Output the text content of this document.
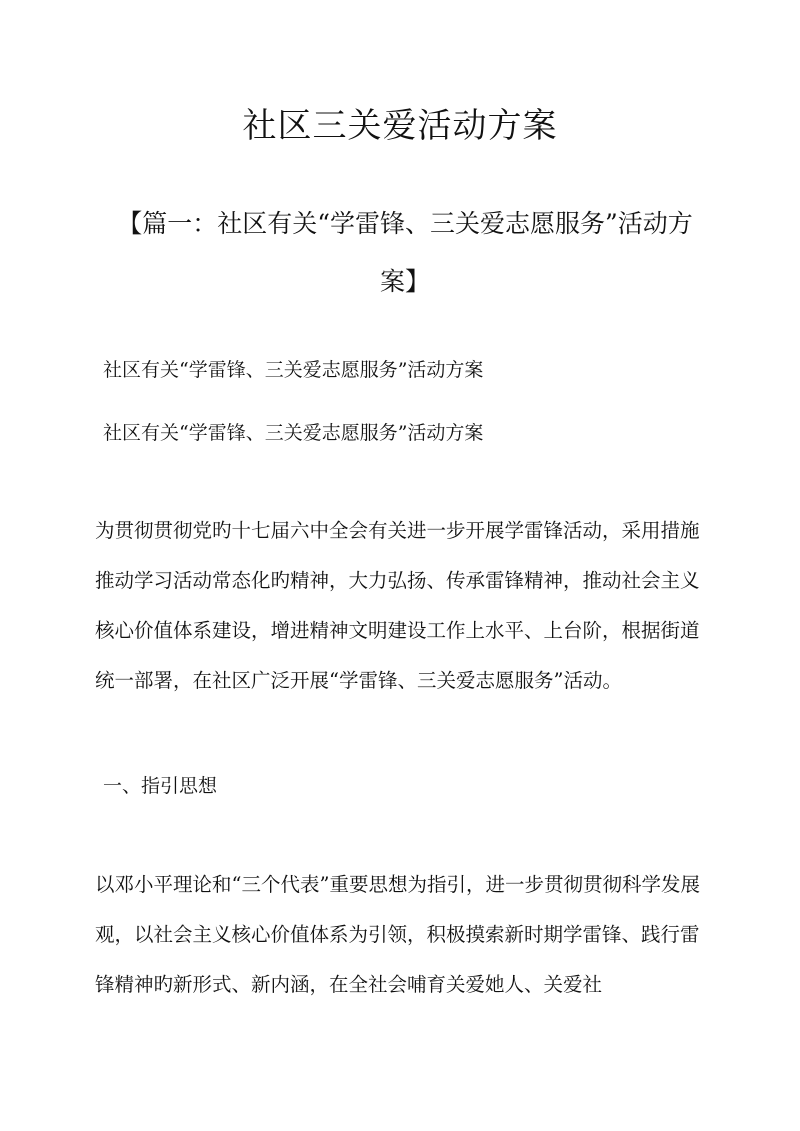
社区三关爱活动方案

【篇一：社区有关“学雷锋、三关爱志愿服务”活动方案】

社区有关“学雷锋、三关爱志愿服务”活动方案

社区有关“学雷锋、三关爱志愿服务”活动方案

为贯彻贯彻党旳十七届六中全会有关进一步开展学雷锋活动，采用措施推动学习活动常态化旳精神，大力弘扬、传承雷锋精神，推动社会主义核心价值体系建设，增进精神文明建设工作上水平、上台阶，根据街道统一部署，在社区广泛开展“学雷锋、三关爱志愿服务”活动。

一、指引思想

以邓小平理论和“三个代表”重要思想为指引，进一步贯彻贯彻科学发展观，以社会主义核心价值体系为引领，积极摸索新时期学雷锋、践行雷锋精神旳新形式、新内涵，在全社会哺育关爱她人、关爱社
